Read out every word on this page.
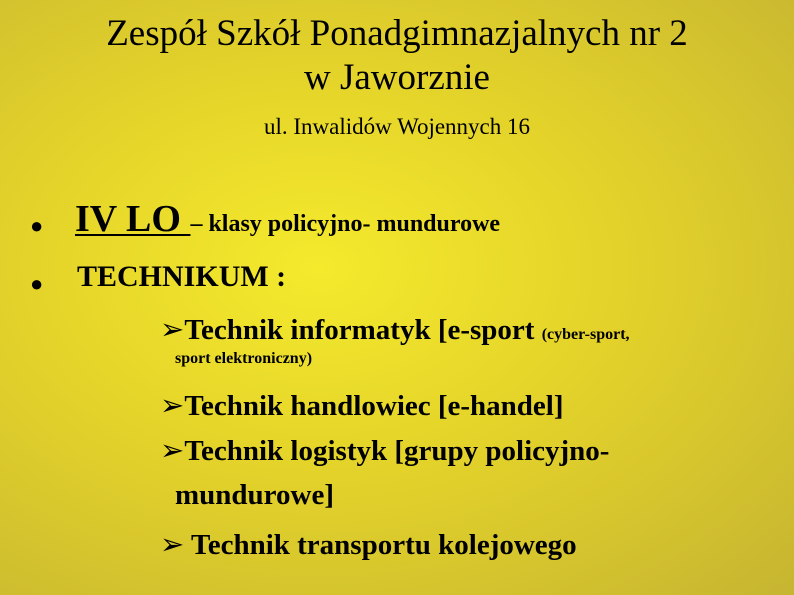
Zespół Szkół Ponadgimnazjalnych nr 2
w Jaworznie
ul. Inwalidów Wojennych 16
● IV LO – klasy policyjno- mundurowe
● TECHNIKUM :
➢Technik informatyk [e-sport (cyber-sport,
sport elektroniczny)
➢Technik handlowiec [e-handel]
➢Technik logistyk [grupy policyjno-
mundurowe]
➢ Technik transportu kolejowego
